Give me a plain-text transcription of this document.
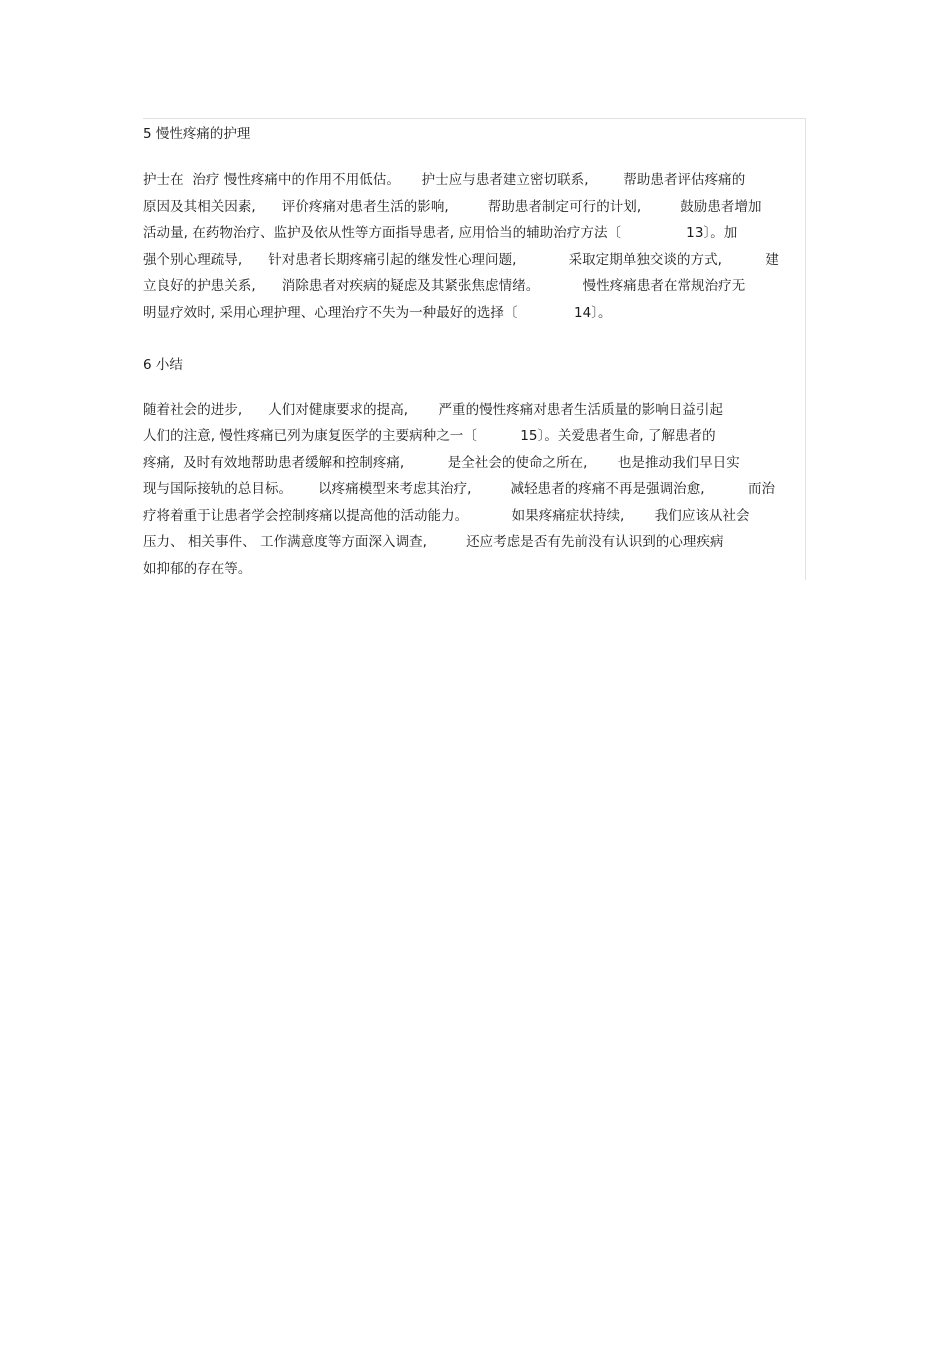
5 慢性疼痛的护理
护士在  治疗 慢性疼痛中的作用不用低估。     护士应与患者建立密切联系,        帮助患者评估疼痛的
原因及其相关因素,      评价疼痛对患者生活的影响,         帮助患者制定可行的计划,         鼓励患者增加
活动量, 在药物治疗、监护及依从性等方面指导患者, 应用恰当的辅助治疗方法〔               13〕。加
强个别心理疏导,      针对患者长期疼痛引起的继发性心理问题,            采取定期单独交谈的方式,          建
立良好的护患关系,      消除患者对疾病的疑虑及其紧张焦虑情绪。          慢性疼痛患者在常规治疗无
明显疗效时, 采用心理护理、心理治疗不失为一种最好的选择〔             14〕。
6 小结
随着社会的进步,      人们对健康要求的提高,       严重的慢性疼痛对患者生活质量的影响日益引起
人们的注意, 慢性疼痛已列为康复医学的主要病种之一〔          15〕。关爱患者生命, 了解患者的
疼痛,  及时有效地帮助患者缓解和控制疼痛,          是全社会的使命之所在,       也是推动我们早日实
现与国际接轨的总目标。      以疼痛模型来考虑其治疗,         减轻患者的疼痛不再是强调治愈,          而治
疗将着重于让患者学会控制疼痛以提高他的活动能力。          如果疼痛症状持续,       我们应该从社会
压力、 相关事件、 工作满意度等方面深入调查,         还应考虑是否有先前没有认识到的心理疾病
如抑郁的存在等。
